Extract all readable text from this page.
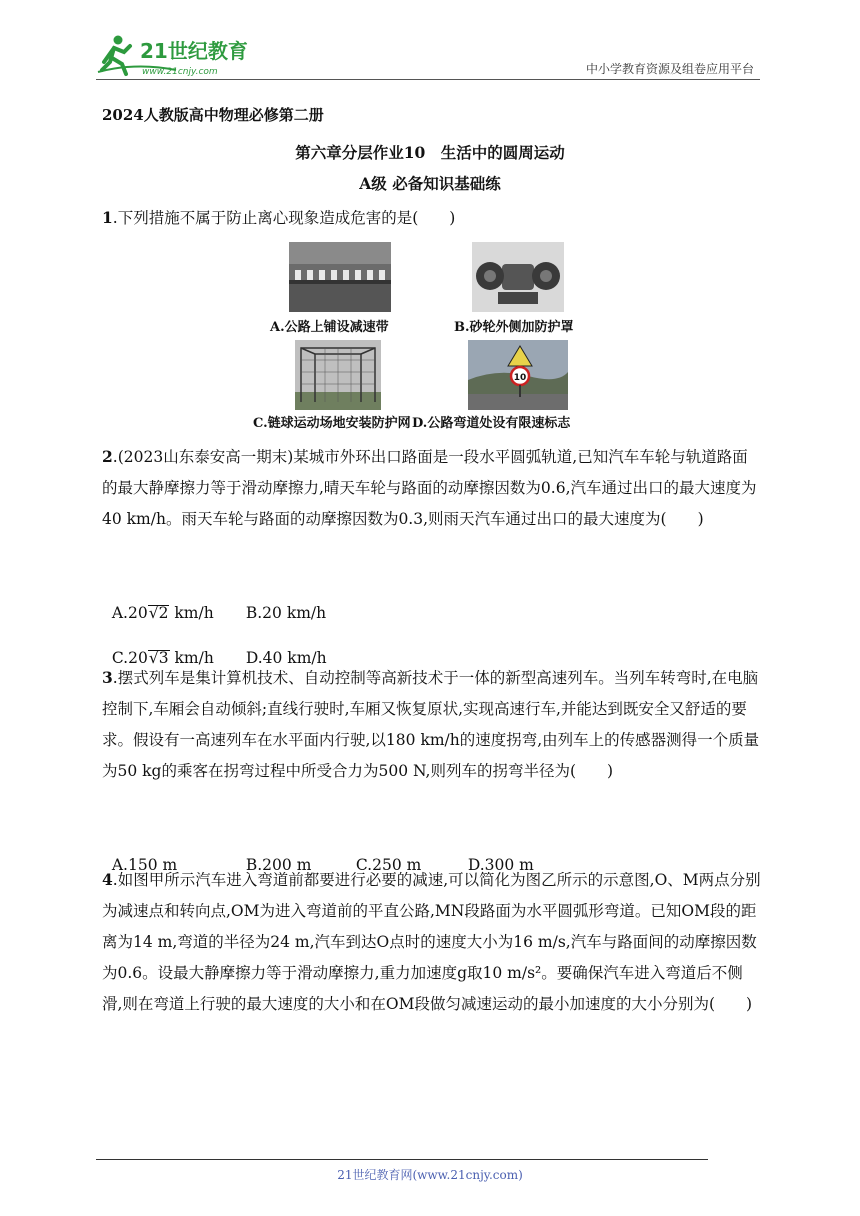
21世纪教育
www.21cnjy.com	中小学教育资源及组卷应用平台
2024人教版高中物理必修第二册
第六章分层作业10　生活中的圆周运动
A级 必备知识基础练
1.下列措施不属于防止离心现象造成危害的是(　　)
A.公路上铺设减速带	B.砂轮外侧加防护罩
C.链球运动场地安装防护网
10
D.公路弯道处设有限速标志
2.(2023山东泰安高一期末)某城市外环出口路面是一段水平圆弧轨道,已知汽车车轮与轨道路面的最大静摩擦力等于滑动摩擦力,晴天车轮与路面的动摩擦因数为0.6,汽车通过出口的最大速度为40 km/h。雨天车轮与路面的动摩擦因数为0.3,则雨天汽车通过出口的最大速度为(　　)

A.20√2 km/h B.20 km/h

C.20√3 km/h D.40 km/h

3.摆式列车是集计算机技术、自动控制等高新技术于一体的新型高速列车。当列车转弯时,在电脑控制下,车厢会自动倾斜;直线行驶时,车厢又恢复原状,实现高速行车,并能达到既安全又舒适的要求。假设有一高速列车在水平面内行驶,以180 km/h的速度拐弯,由列车上的传感器测得一个质量为50 kg的乘客在拐弯过程中所受合力为500 N,则列车的拐弯半径为(　　)

A.150 m	B.200 m	C.250 m	D.300 m

4.如图甲所示汽车进入弯道前都要进行必要的减速,可以简化为图乙所示的示意图,O、M两点分别为减速点和转向点,OM为进入弯道前的平直公路,MN段路面为水平圆弧形弯道。已知OM段的距离为14 m,弯道的半径为24 m,汽车到达O点时的速度大小为16 m/s,汽车与路面间的动摩擦因数为0.6。设最大静摩擦力等于滑动摩擦力,重力加速度g取10 m/s²。要确保汽车进入弯道后不侧滑,则在弯道上行驶的最大速度的大小和在OM段做匀减速运动的最小加速度的大小分别为(　　)
21世纪教育网(www.21cnjy.com)
